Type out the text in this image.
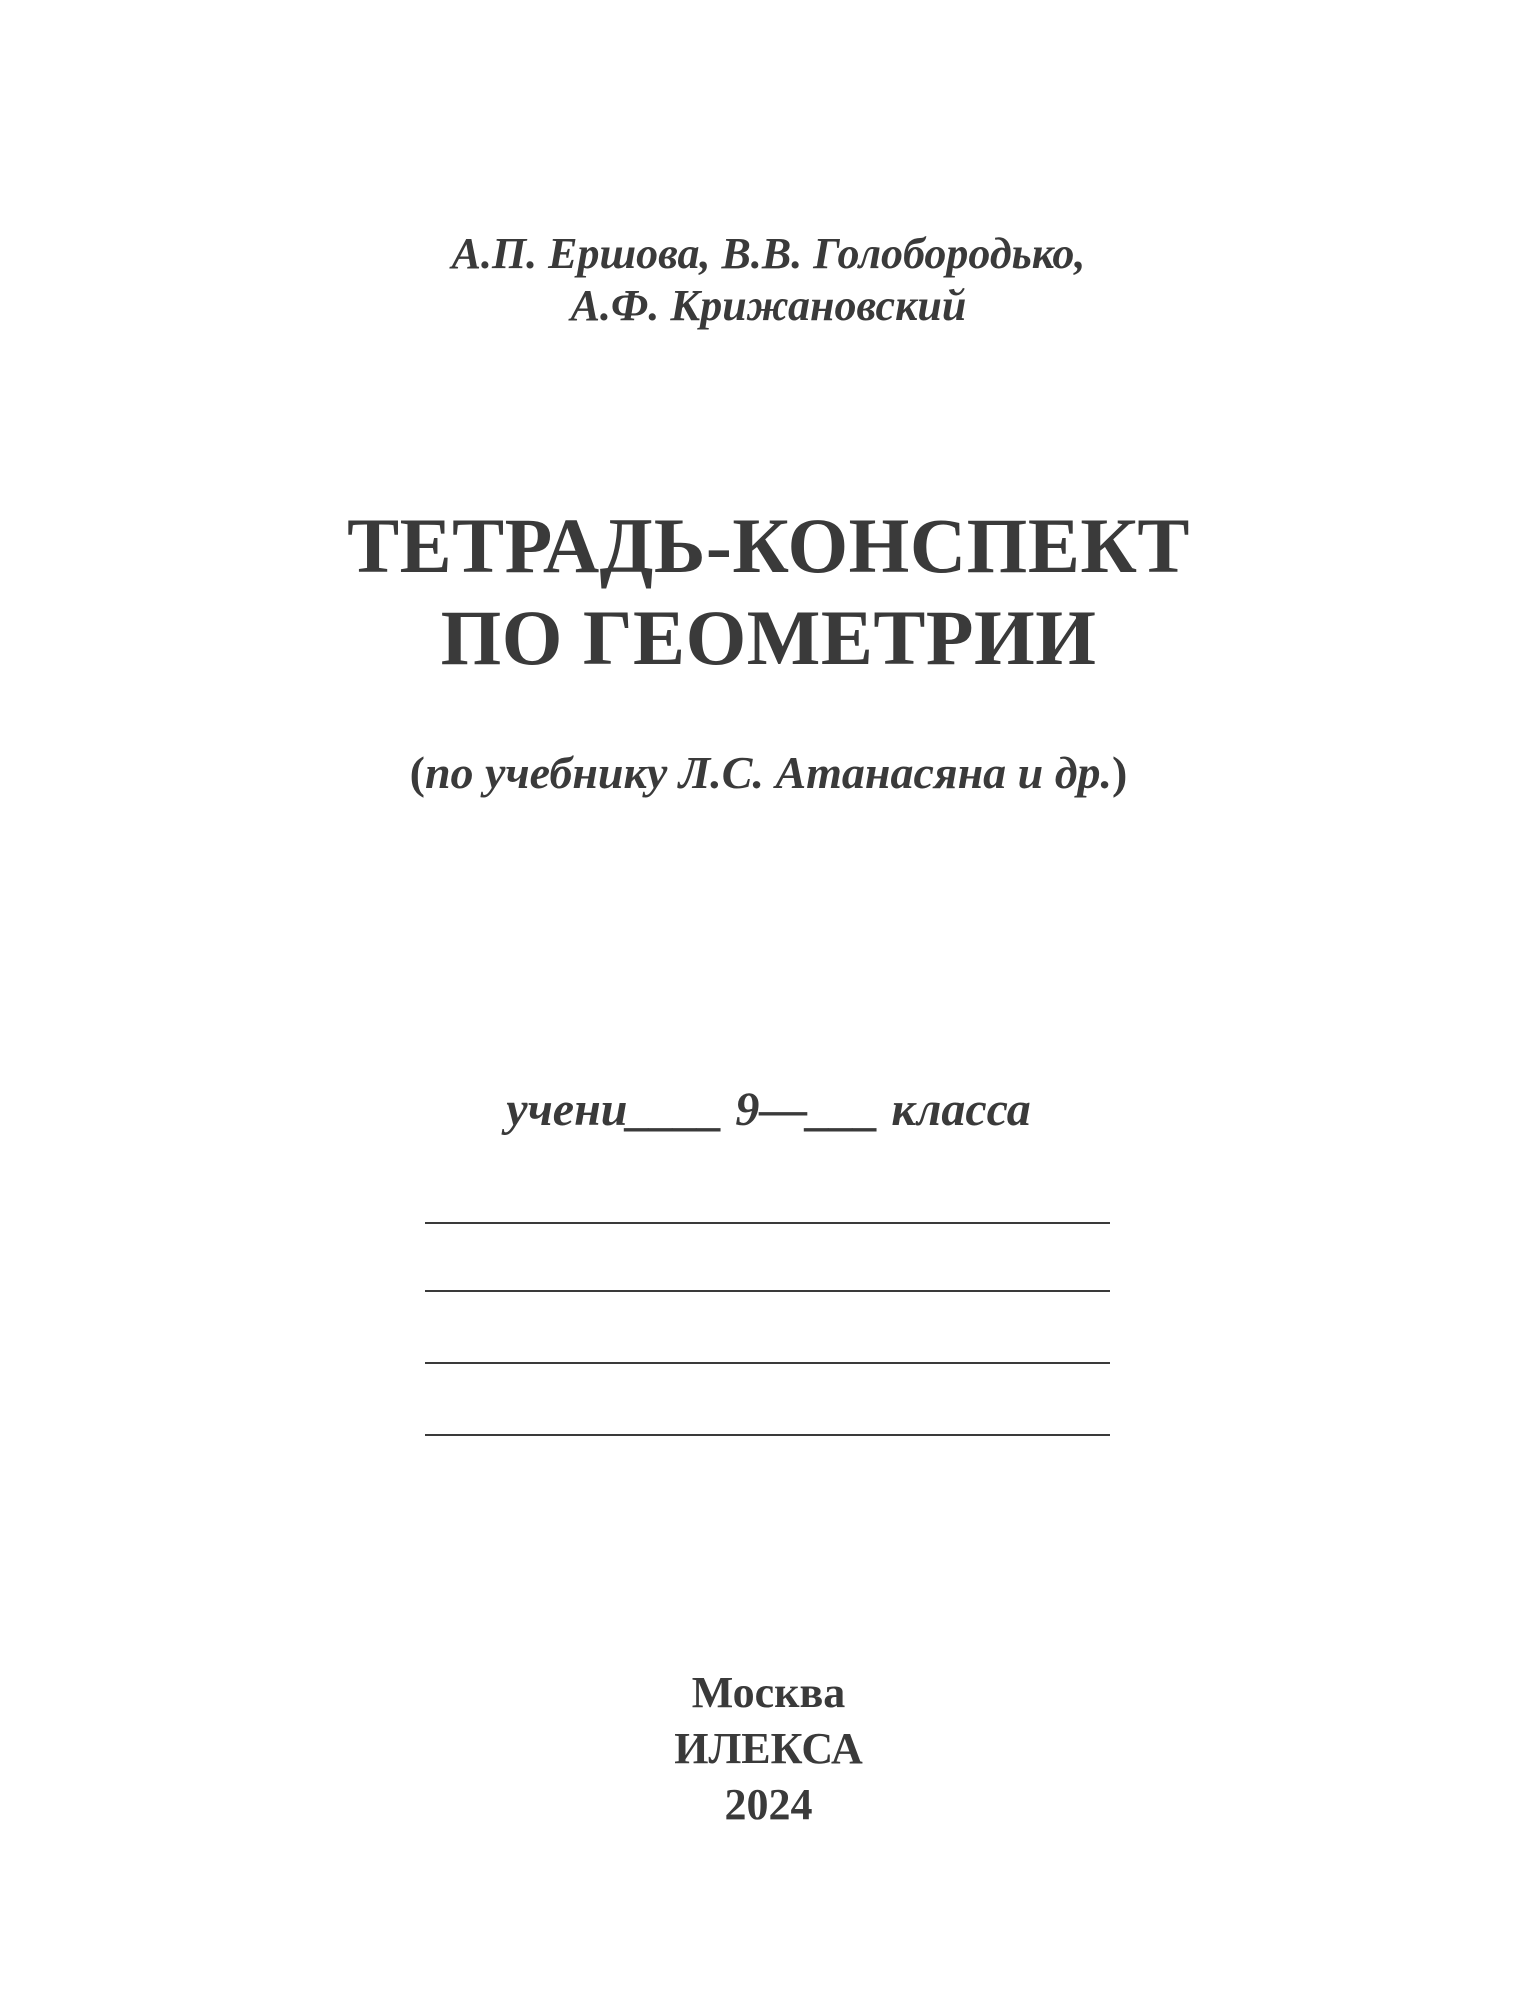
А.П. Ершова, В.В. Голобородько,
А.Ф. Крижановский
ТЕТРАДЬ-КОНСПЕКТ
ПО ГЕОМЕТРИИ
(по учебнику Л.С. Атанасяна и др.)
учени____ 9—___ класса
Москва
ИЛЕКСА
2024
